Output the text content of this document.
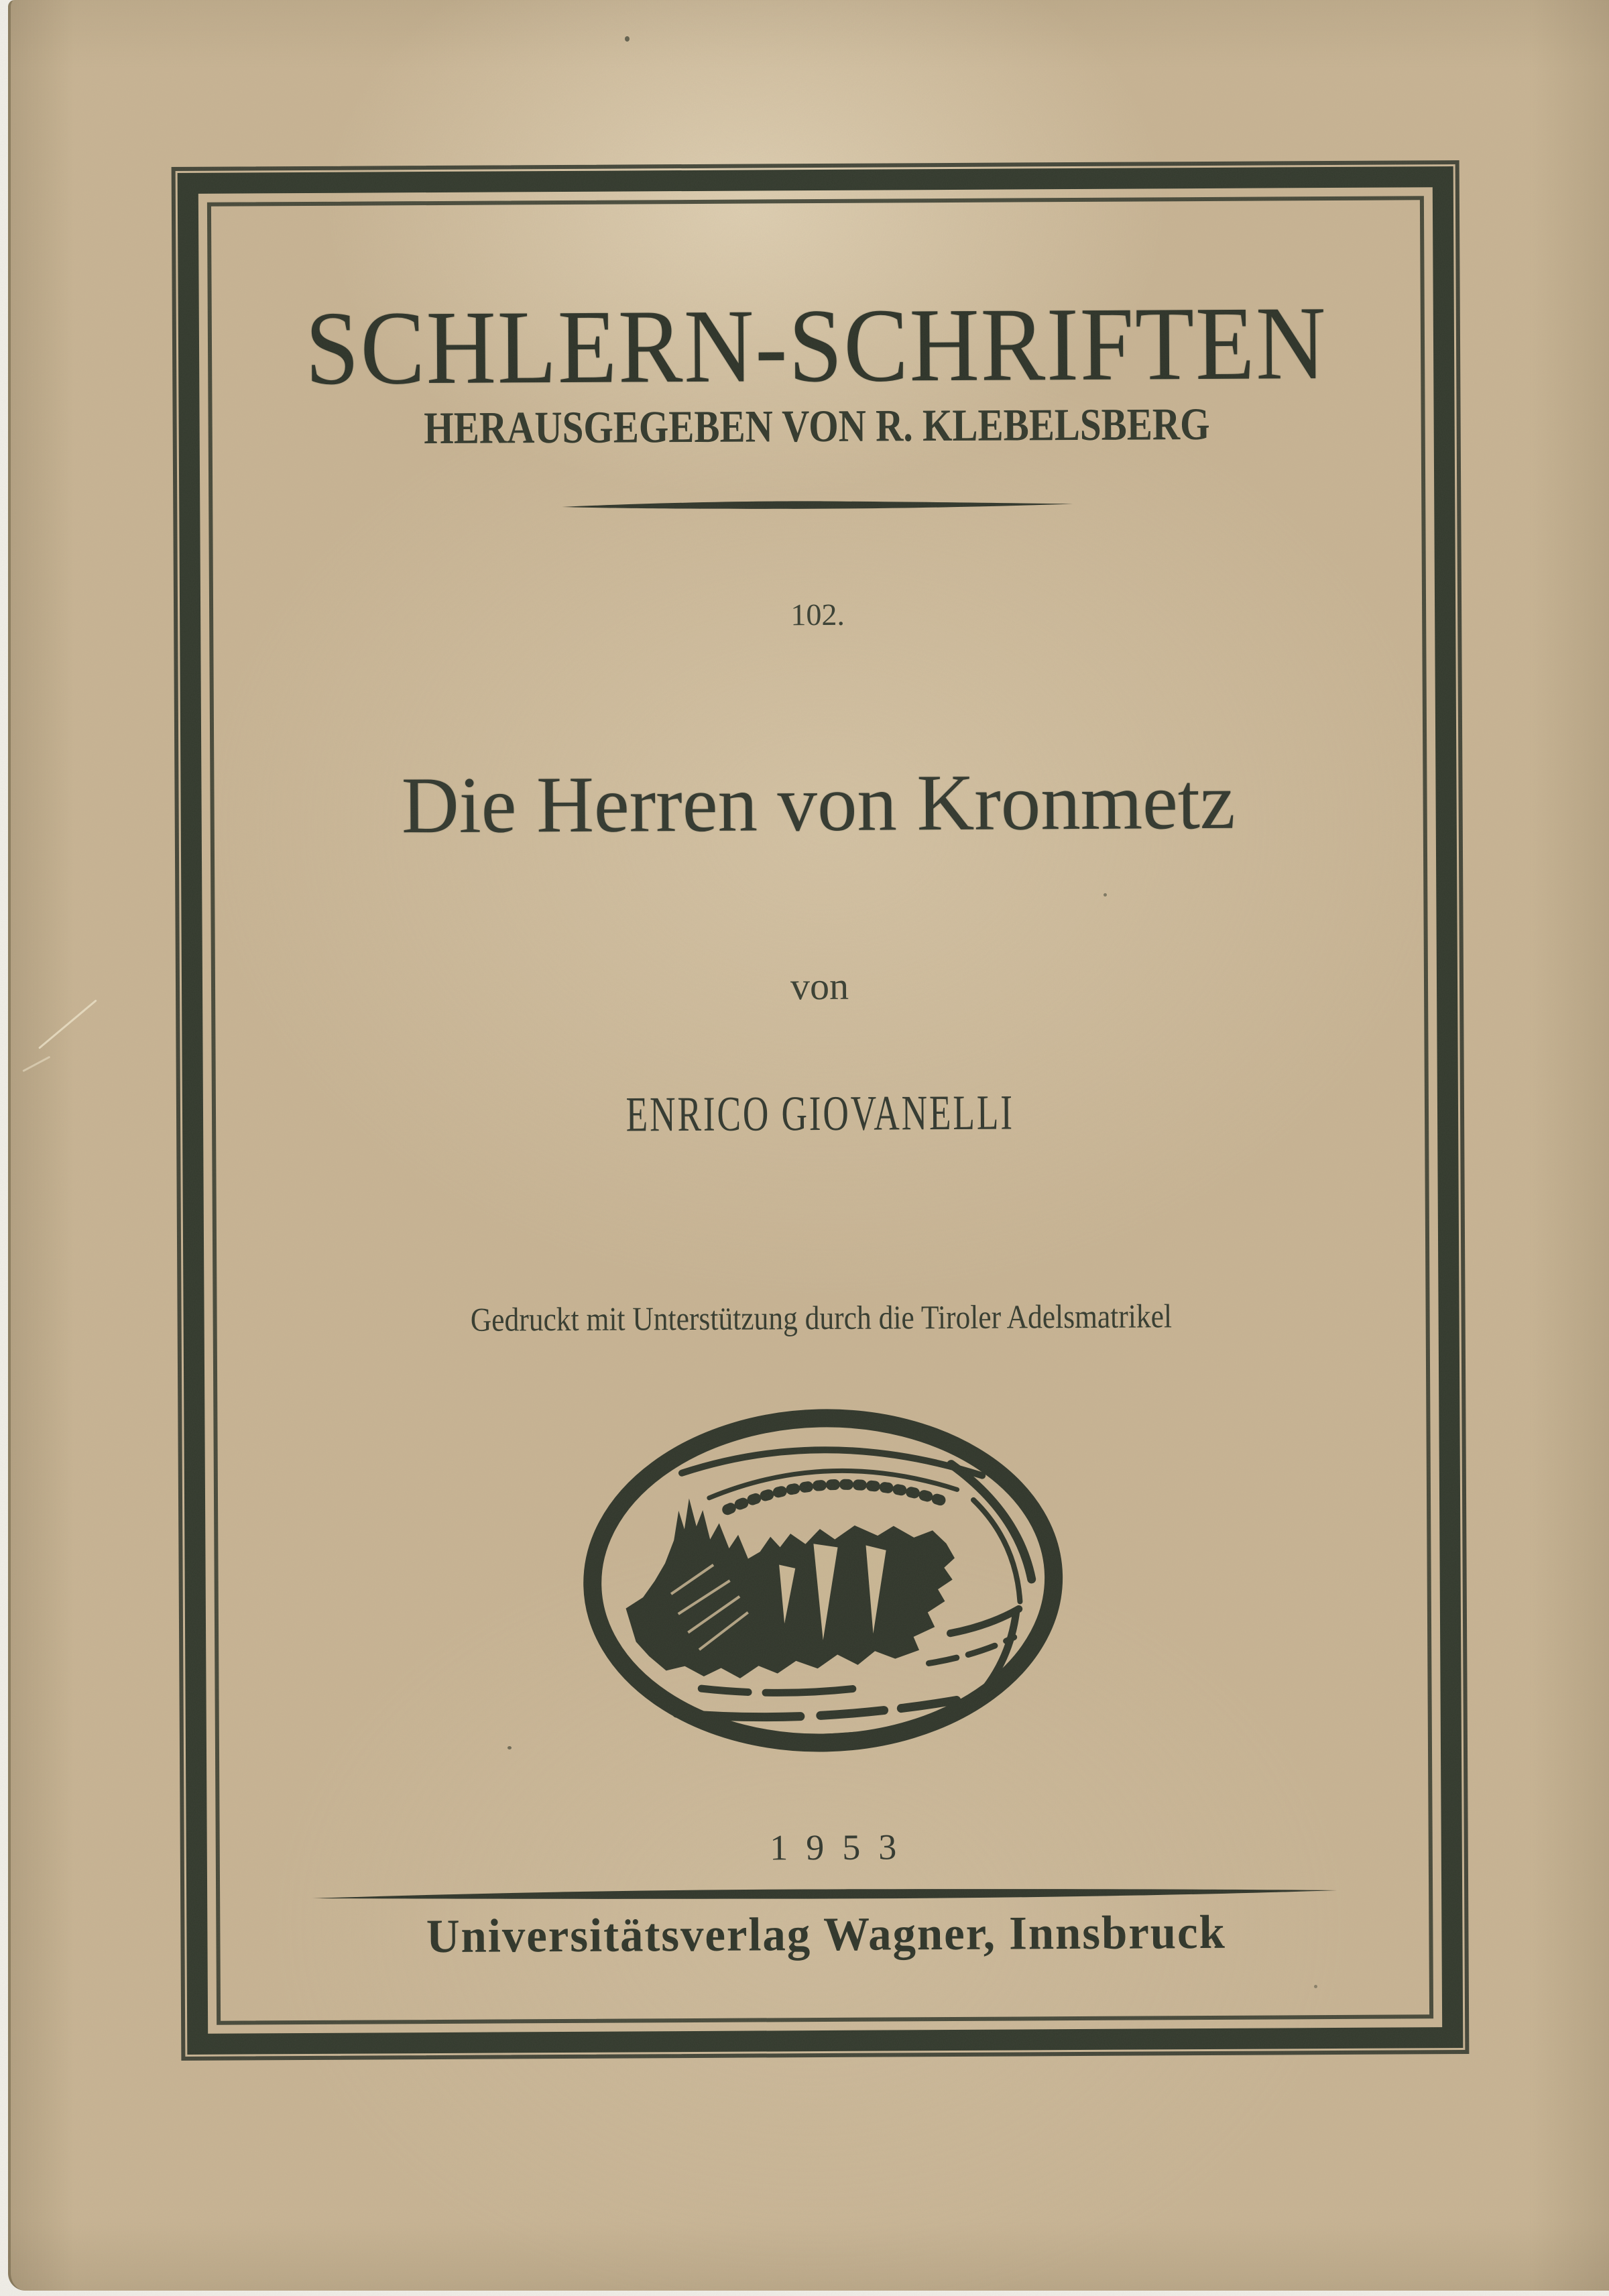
SCHLERN-SCHRIFTEN
HERAUSGEGEBEN VON R. KLEBELSBERG
102.
Die Herren von Kronmetz
von
ENRICO GIOVANELLI
Gedruckt mit Unterstützung durch die Tiroler Adelsmatrikel
1953
Universitätsverlag Wagner, Innsbruck
